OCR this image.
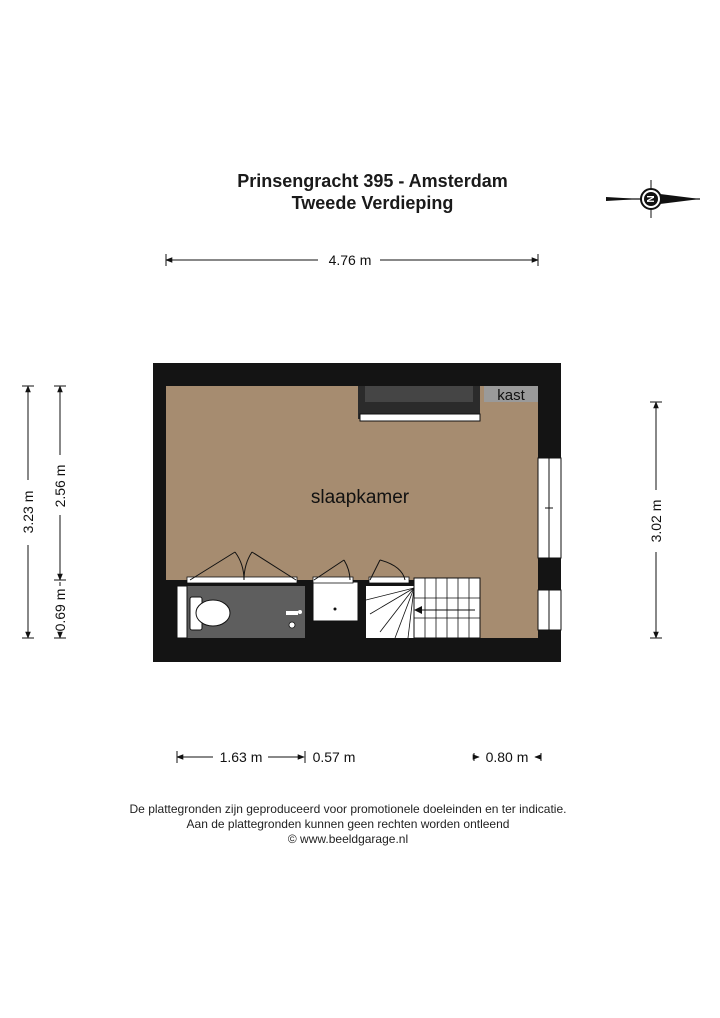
Prinsengracht 395 - Amsterdam
Tweede Verdieping	N
4.76 m
3.23 m
2.56 m
0.69 m
3.02 m
1.63 m	0.57 m	0.80 m
slaapkamer
kast
De plattegronden zijn geproduceerd voor promotionele doeleinden en ter indicatie.
Aan de plattegronden kunnen geen rechten worden ontleend
© www.beeldgarage.nl
